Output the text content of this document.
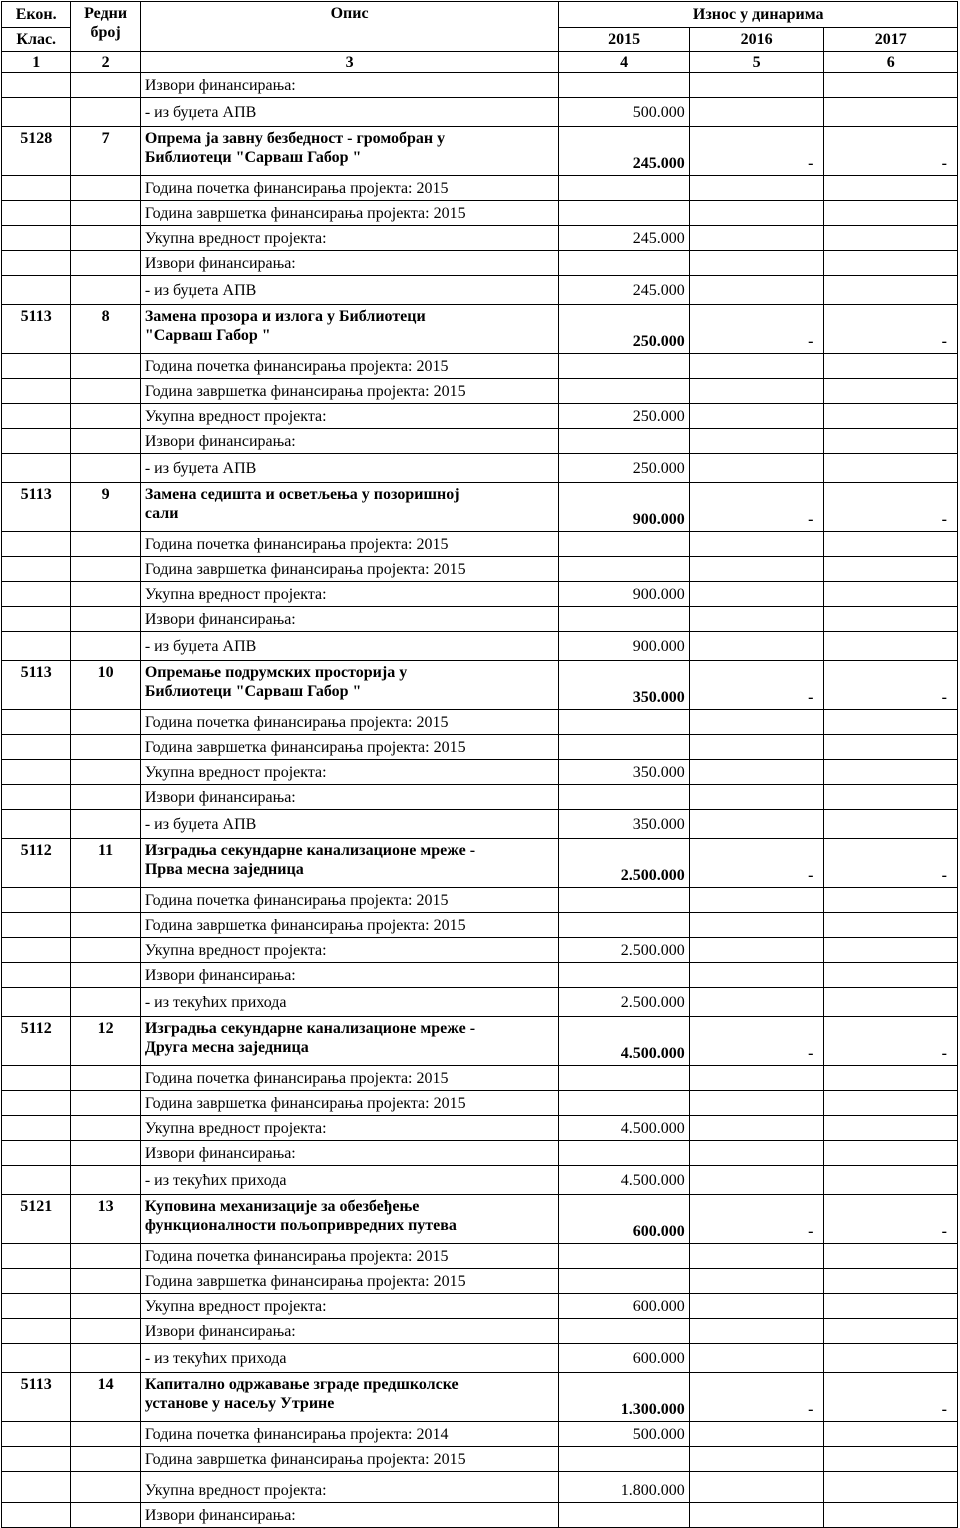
Екон.	Редни
број	Опис	Износ у динарима		
Клас.			2015	2016	2017
1	2	3	4	5	6
		Извори финансирања:			
		- из буџета АПВ	500.000		
5128	7	Опрема ја завну безбедност - громобран у
Библиотеци "Сарваш Габор "	245.000	-	-
		Година почетка финансирања пројекта: 2015			
		Година завршетка финансирања пројекта: 2015			
		Укупна вредност пројекта:	245.000		
		Извори финансирања:			
		- из буџета АПВ	245.000		
5113	8	Замена прозора и излога у Библиотеци
"Сарваш Габор "	250.000	-	-
		Година почетка финансирања пројекта: 2015			
		Година завршетка финансирања пројекта: 2015			
		Укупна вредност пројекта:	250.000		
		Извори финансирања:			
		- из буџета АПВ	250.000		
5113	9	Замена седишта и осветљења у позоришној
сали	900.000	-	-
		Година почетка финансирања пројекта: 2015			
		Година завршетка финансирања пројекта: 2015			
		Укупна вредност пројекта:	900.000		
		Извори финансирања:			
		- из буџета АПВ	900.000		
5113	10	Опремање подрумских просторија у
Библиотеци "Сарваш Габор "	350.000	-	-
		Година почетка финансирања пројекта: 2015			
		Година завршетка финансирања пројекта: 2015			
		Укупна вредност пројекта:	350.000		
		Извори финансирања:			
		- из буџета АПВ	350.000		
5112	11	Изградња секундарне канализационе мреже -
Прва месна заједница	2.500.000	-	-
		Година почетка финансирања пројекта: 2015			
		Година завршетка финансирања пројекта: 2015			
		Укупна вредност пројекта:	2.500.000		
		Извори финансирања:			
		- из текућих прихода	2.500.000		
5112	12	Изградња секундарне канализационе мреже -
Друга месна заједница	4.500.000	-	-
		Година почетка финансирања пројекта: 2015			
		Година завршетка финансирања пројекта: 2015			
		Укупна вредност пројекта:	4.500.000		
		Извори финансирања:			
		- из текућих прихода	4.500.000		
5121	13	Куповина механизације за обезбеђење
функционалности пољопривредних путева	600.000	-	-
		Година почетка финансирања пројекта: 2015			
		Година завршетка финансирања пројекта: 2015			
		Укупна вредност пројекта:	600.000		
		Извори финансирања:			
		- из текућих прихода	600.000		
5113	14	Капитално одржавање зграде предшколске
установе у насељу Утрине	1.300.000	-	-
		Година почетка финансирања пројекта: 2014	500.000		
		Година завршетка финансирања пројекта: 2015			
		Укупна вредност пројекта:	1.800.000		
		Извори финансирања:			
